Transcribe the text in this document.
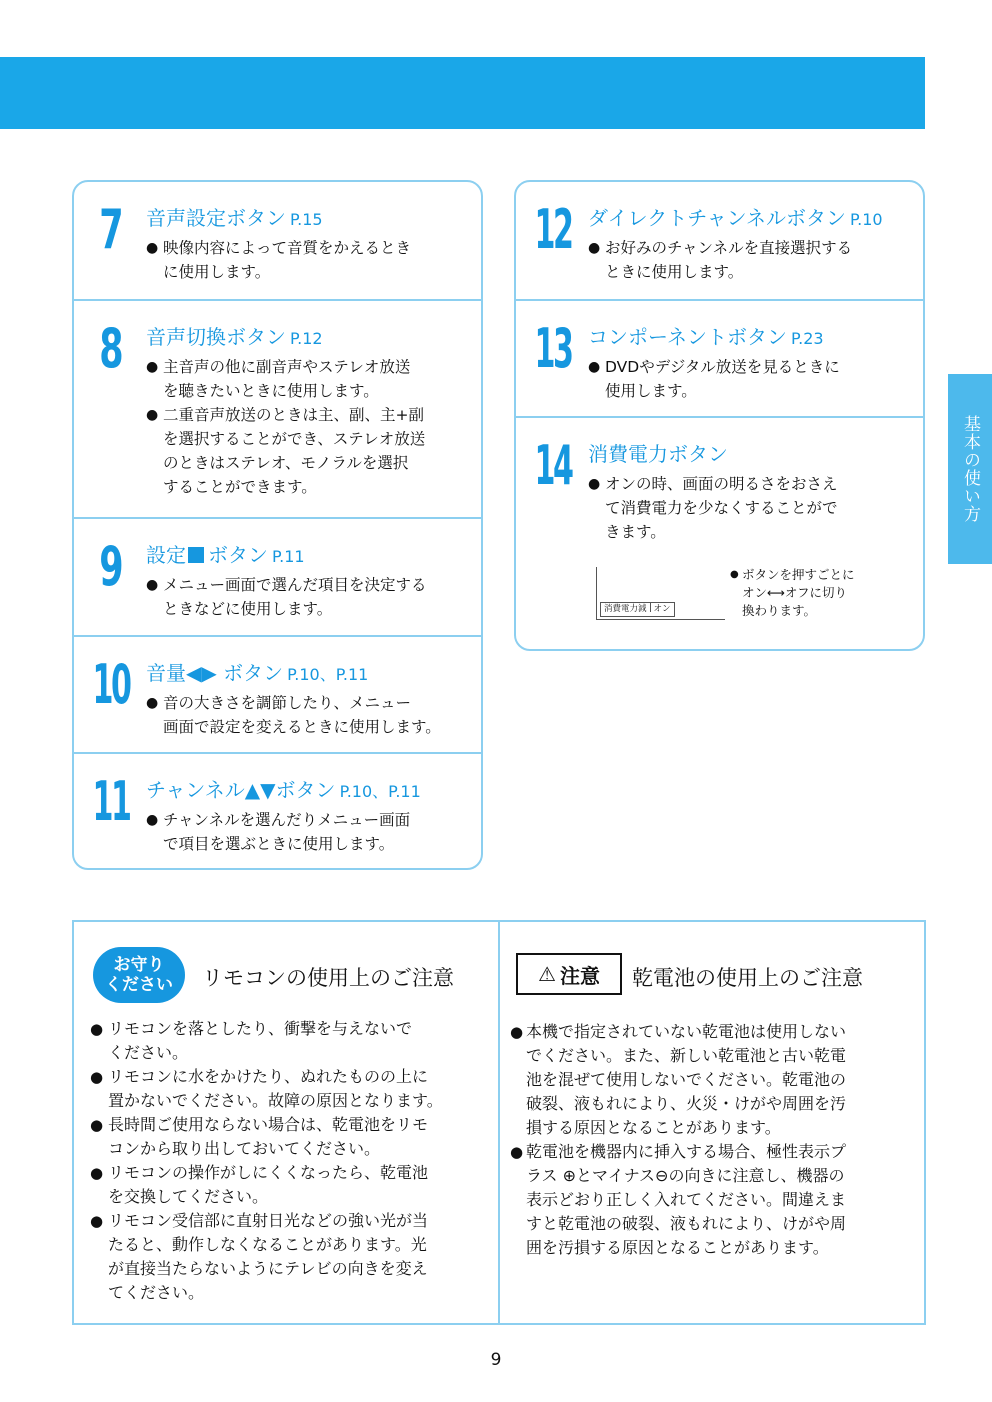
基本の使い方
7	音声設定ボタン P.15
● 映像内容によって音質をかえるとき
に使用します。
8	音声切換ボタン P.12
● 主音声の他に副音声やステレオ放送
を聴きたいときに使用します。
● 二重音声放送のときは主、副、主+副
を選択することができ、ステレオ放送
のときはステレオ、モノラルを選択
することができます。
9	設定 ボタン P.11
● メニュー画面で選んだ項目を決定する
ときなどに使用します。
10 音量◀▶ ボタン P.10、P.11
● 音の大きさを調節したり、メニュー
画面で設定を変えるときに使用します。
11 チャンネル▲▼ボタン P.10、P.11
● チャンネルを選んだりメニュー画面
で項目を選ぶときに使用します。
12 ダイレクトチャンネルボタン P.10
● お好みのチャンネルを直接選択する
ときに使用します。
13 コンポーネントボタン P.23
● DVDやデジタル放送を見るときに
使用します。
14 消費電力ボタン
● オンの時、画面の明るさをおさえ
て消費電力を少なくすることがで
きます。
消費電力減 オン
● ボタンを押すごとに
オン⟷オフに切り
換わります。
お守り
ください	リモコンの使用上のご注意
● リモコンを落としたり、衝撃を与えないで
ください。
● リモコンに水をかけたり、ぬれたものの上に
置かないでください。故障の原因となります。
● 長時間ご使用ならない場合は、乾電池をリモ
コンから取り出しておいてください。
● リモコンの操作がしにくくなったら、乾電池
を交換してください。
● リモコン受信部に直射日光などの強い光が当
たると、動作しなくなることがあります。光
が直接当たらないようにテレビの向きを変え
てください。
⚠ 注意 乾電池の使用上のご注意
● 本機で指定されていない乾電池は使用しない
でください。また、新しい乾電池と古い乾電
池を混ぜて使用しないでください。乾電池の
破裂、液もれにより、火災・けがや周囲を汚
損する原因となることがあります。
● 乾電池を機器内に挿入する場合、極性表示プ
ラス ⊕とマイナス⊖の向きに注意し、機器の
表示どおり正しく入れてください。間違えま
すと乾電池の破裂、液もれにより、けがや周
囲を汚損する原因となることがあります。
9
